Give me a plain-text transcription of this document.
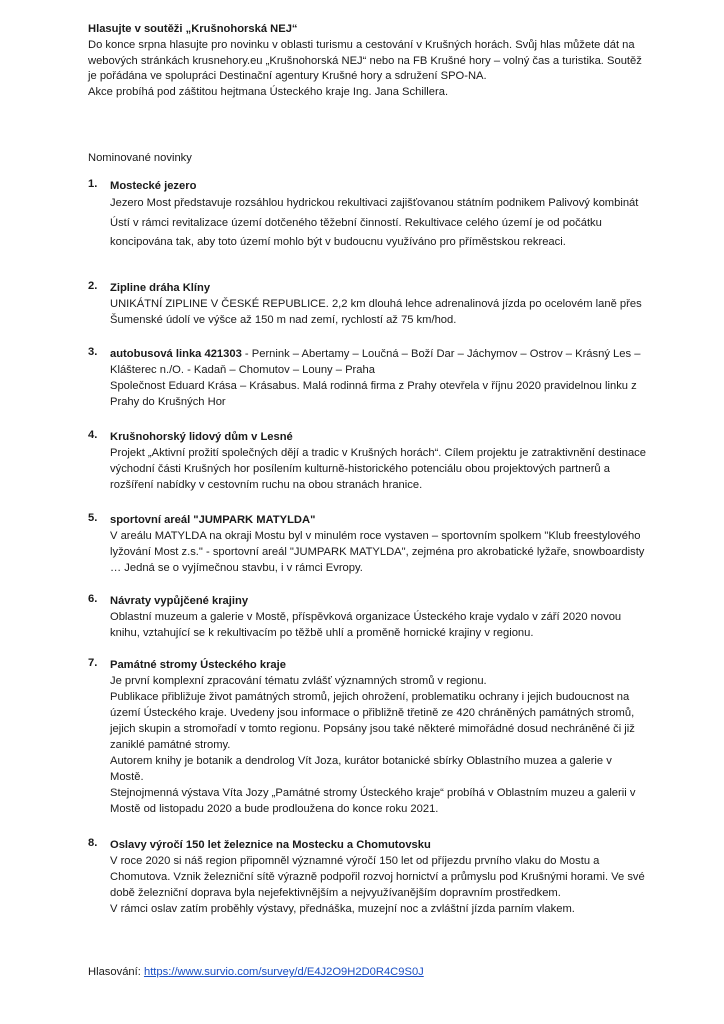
Hlasujte v soutěži „Krušnohorská NEJ“

Do konce srpna hlasujte pro novinku v oblasti turismu a cestování v Krušných horách. Svůj hlas můžete dát na webových stránkách krusnehory.eu „Krušnohorská NEJ“ nebo na FB Krušné hory – volný čas a turistika. Soutěž je pořádána ve spolupráci Destinační agentury Krušné hory a sdružení SPO-NA.

Akce probíhá pod záštitou hejtmana Ústeckého kraje Ing. Jana Schillera.

Nominované novinky
1. Mostecké jezero

Jezero Most představuje rozsáhlou hydrickou rekultivaci zajišťovanou státním podnikem Palivový kombinát Ústí v rámci revitalizace území dotčeného těžební činností. Rekultivace celého území je od počátku koncipována tak, aby toto území mohlo být v budoucnu využíváno pro příměstskou rekreaci.

2. Zipline dráha Klíny

UNIKÁTNÍ ZIPLINE V ČESKÉ REPUBLICE. 2,2 km dlouhá lehce adrenalinová jízda po ocelovém laně přes Šumenské údolí ve výšce až 150 m nad zemí, rychlostí až 75 km/hod.

3. autobusová linka 421303 - Pernink – Abertamy – Loučná – Boží Dar – Jáchymov – Ostrov – Krásný Les – Klášterec n./O. - Kadaň – Chomutov – Louny – Praha

Společnost Eduard Krása – Krásabus. Malá rodinná firma z Prahy otevřela v říjnu 2020 pravidelnou linku z Prahy do Krušných Hor

4. Krušnohorský lidový dům v Lesné

Projekt „Aktivní prožití společných dějí a tradic v Krušných horách“. Cílem projektu je zatraktivnění destinace východní části Krušných hor posílením kulturně-historického potenciálu obou projektových partnerů a rozšíření nabídky v cestovním ruchu na obou stranách hranice.

5. sportovní areál "JUMPARK MATYLDA"

V areálu MATYLDA na okraji Mostu byl v minulém roce vystaven – sportovním spolkem "Klub freestylového lyžování Most z.s." - sportovní areál "JUMPARK MATYLDA", zejména pro akrobatické lyžaře, snowboardisty … Jedná se o vyjímečnou stavbu, i v rámci Evropy.

6. Návraty vypůjčené krajiny

Oblastní muzeum a galerie v Mostě, příspěvková organizace Ústeckého kraje vydalo v září 2020 novou knihu, vztahující se k rekultivacím po těžbě uhlí a proměně hornické krajiny v regionu.

7. Památné stromy Ústeckého kraje

Je první komplexní zpracování tématu zvlášť významných stromů v regionu.

Publikace přibližuje život památných stromů, jejich ohrožení, problematiku ochrany i jejich budoucnost na území Ústeckého kraje. Uvedeny jsou informace o přibližně třetině ze 420 chráněných památných stromů, jejich skupin a stromořadí v tomto regionu. Popsány jsou také některé mimořádné dosud nechráněné či již zaniklé památné stromy.

Autorem knihy je botanik a dendrolog Vít Joza, kurátor botanické sbírky Oblastního muzea a galerie v Mostě.

Stejnojmenná výstava Víta Jozy „Památné stromy Ústeckého kraje“ probíhá v Oblastním muzeu a galerii v Mostě od listopadu 2020 a bude prodloužena do konce roku 2021.

8. Oslavy výročí 150 let železnice na Mostecku a Chomutovsku

V roce 2020 si náš region připomněl významné výročí 150 let od příjezdu prvního vlaku do Mostu a Chomutova. Vznik železniční sítě výrazně podpořil rozvoj hornictví a průmyslu pod Krušnými horami. Ve své době železniční doprava byla nejefektivnějším a nejvyužívanějším dopravním prostředkem.

V rámci oslav zatím proběhly výstavy, přednáška, muzejní noc a zvláštní jízda parním vlakem.

Hlasování: https://www.survio.com/survey/d/E4J2O9H2D0R4C9S0J
